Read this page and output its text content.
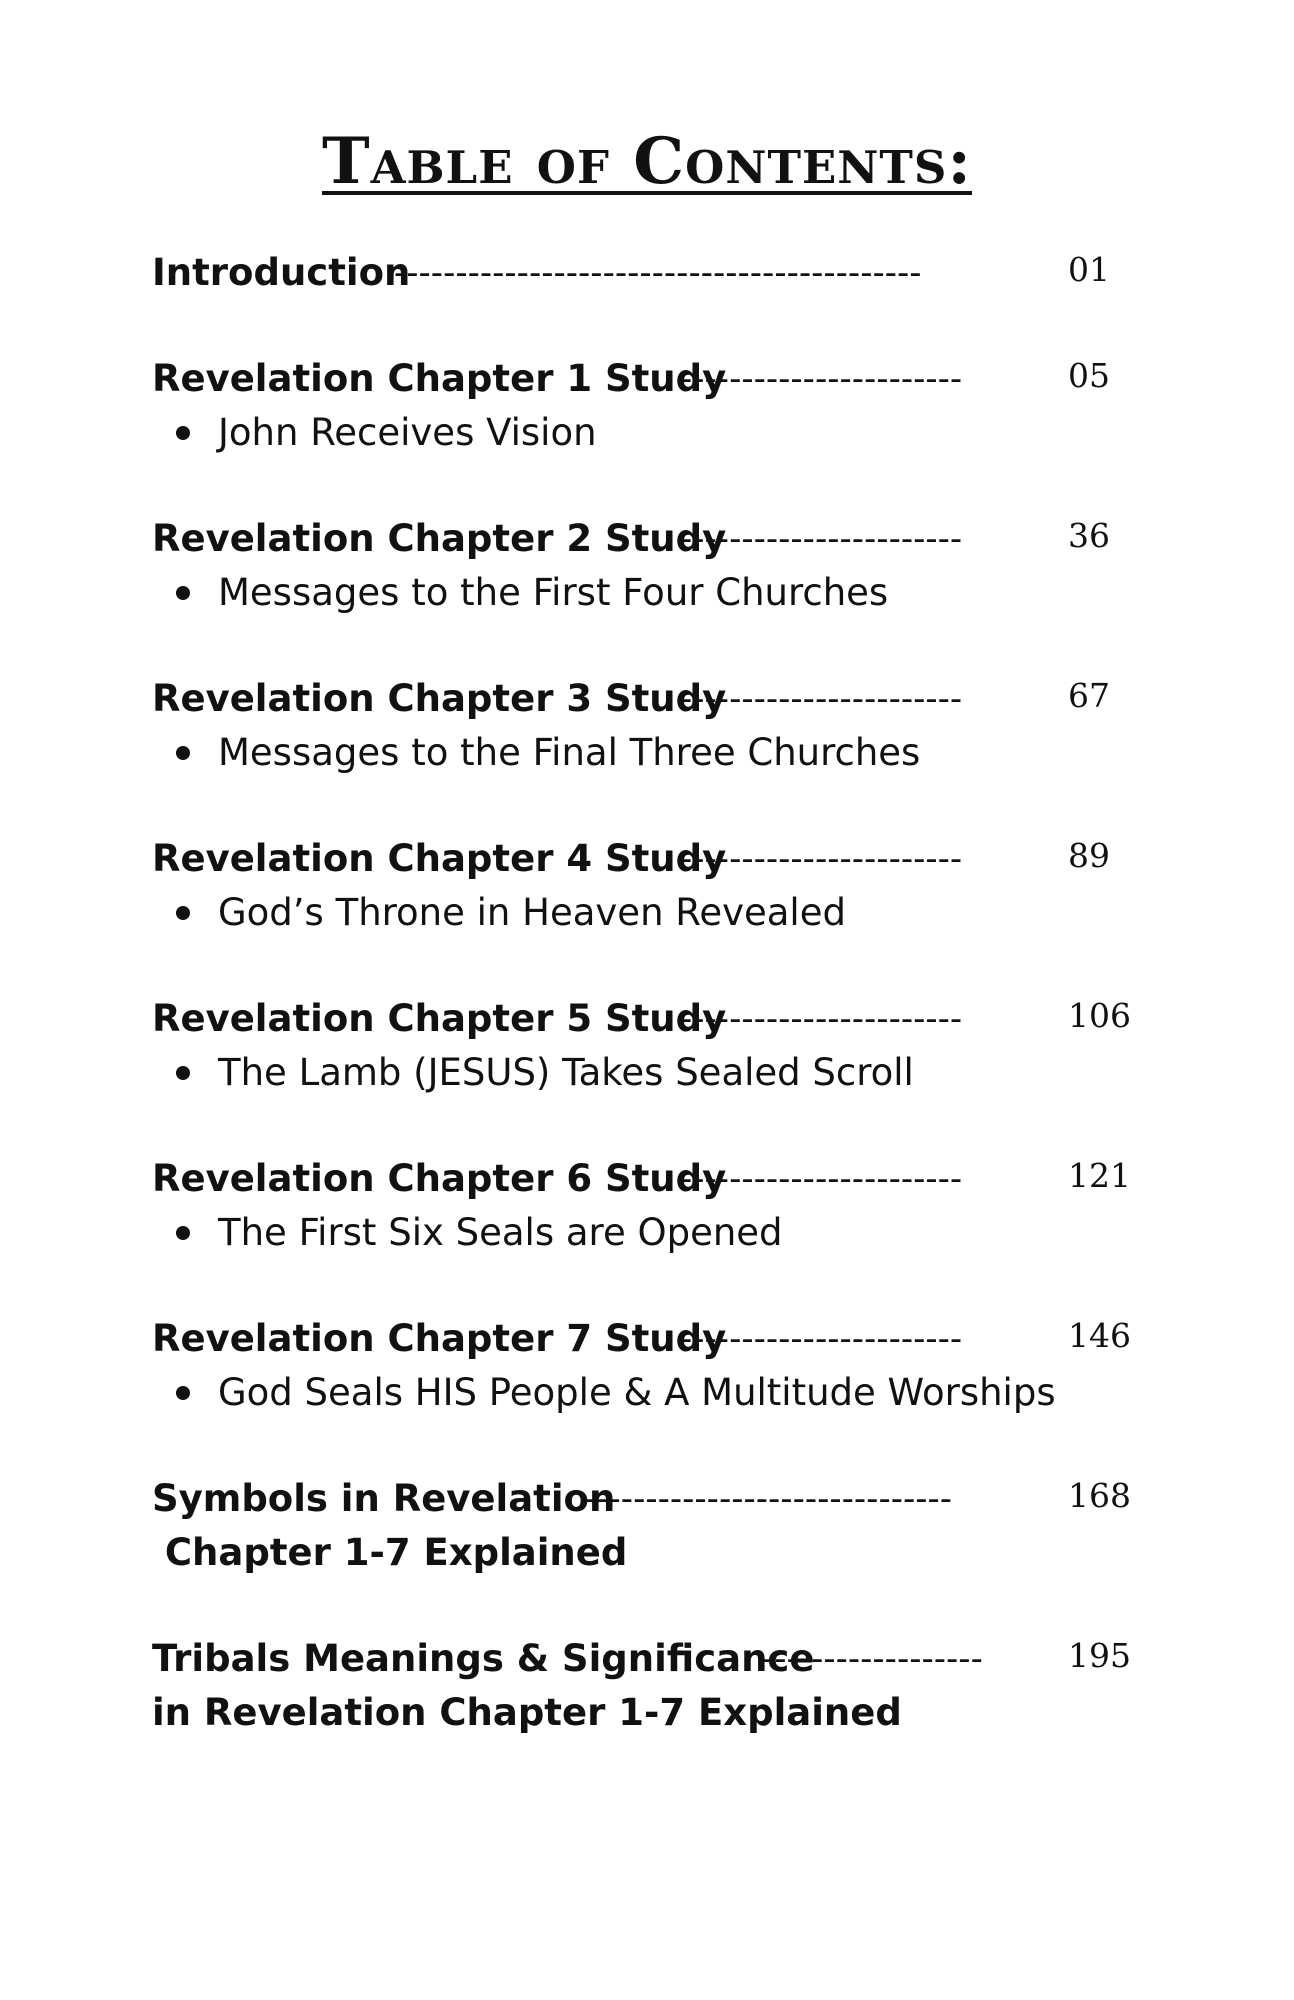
Table of Contents:
Introduction
-------------------------------------------	01
Revelation Chapter 1 Study
-----------------------	05
John Receives Vision
Revelation Chapter 2 Study
-----------------------	36
Messages to the First Four Churches
Revelation Chapter 3 Study
-----------------------	67
Messages to the Final Three Churches
Revelation Chapter 4 Study
-----------------------	89
God’s Throne in Heaven Revealed
Revelation Chapter 5 Study
-----------------------	106
The Lamb (JESUS) Takes Sealed Scroll
Revelation Chapter 6 Study
-----------------------	121
The First Six Seals are Opened
Revelation Chapter 7 Study
-----------------------	146
God Seals HIS People & A Multitude Worships
Symbols in Revelation
------------------------------	168
Chapter 1-7 Explained
Tribals Meanings & Significance
------------------	195
in Revelation Chapter 1-7 Explained
